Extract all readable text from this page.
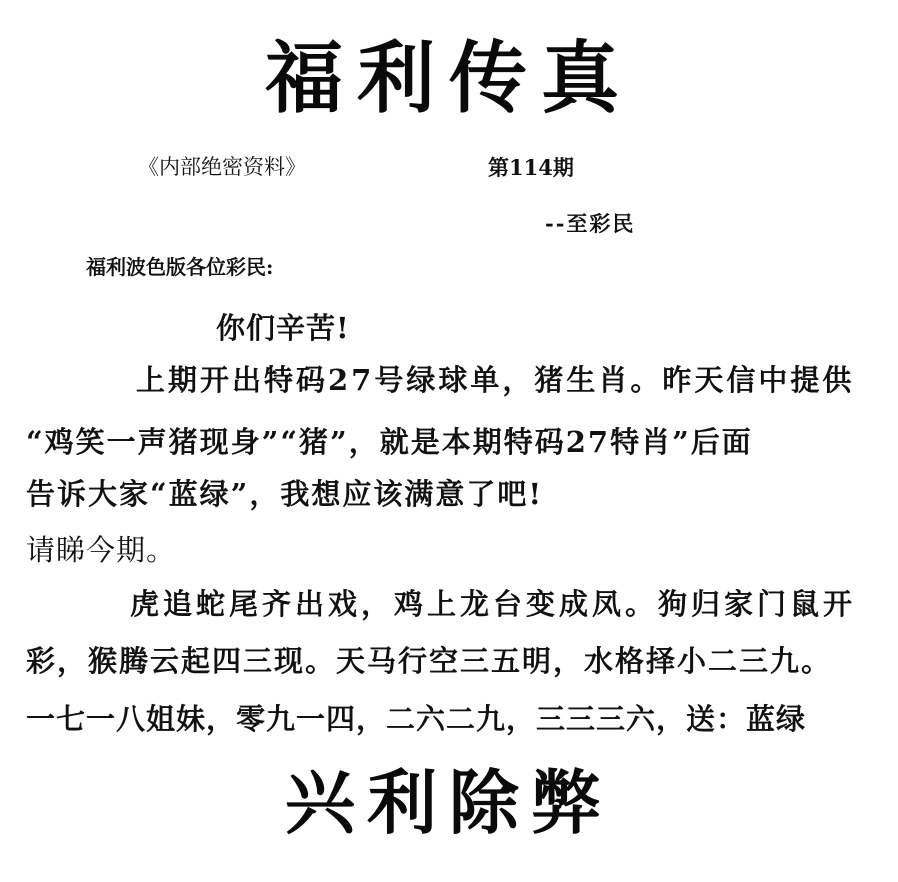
福利传真
《内部绝密资料》	第114期
--至彩民
福利波色版各位彩民:
你们辛苦!
上期开出特码27号绿球单，猪生肖。昨天信中提供
“鸡笑一声猪现身”“猪”，就是本期特码27特肖”后面
告诉大家“蓝绿”，我想应该满意了吧!
请睇今期。
虎追蛇尾齐出戏，鸡上龙台变成凤。狗归家门鼠开
彩，猴腾云起四三现。天马行空三五明，水格择小二三九。
一七一八姐妹，零九一四，二六二九，三三三六，送：蓝绿
兴利除弊
